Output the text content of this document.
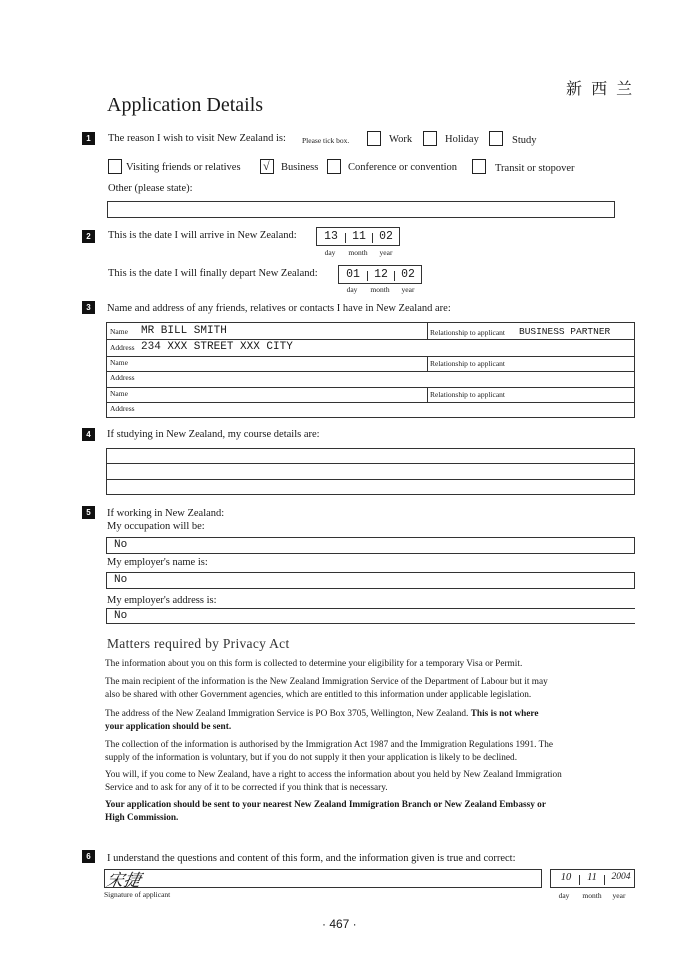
新 西 兰
Application Details
1	The reason I wish to visit New Zealand is: Please tick box.	Work	Holiday	Study
Visiting friends or relatives √ Business	Conference or convention	Transit or stopover
Other (please state):
2	This is the date I will arrive in New Zealand: 13 11 02
day	month	year
This is the date I will finally depart New Zealand: 01 12 02
day	month	year
3	Name and address of any friends, relatives or contacts I have in New Zealand are:
Name MR BILL SMITH	Relationship to applicant BUSINESS PARTNER
Address 234 XXX STREET XXX CITY
Name	Relationship to applicant
Address
Name	Relationship to applicant
Address
4	If studying in New Zealand, my course details are:
5	If working in New Zealand:
My occupation will be:
No
My employer's name is:
No
My employer's address is:
No
Matters required by Privacy Act
The information about you on this form is collected to determine your eligibility for a temporary Visa or Permit.
The main recipient of the information is the New Zealand Immigration Service of the Department of Labour but it may
also be shared with other Government agencies, which are entitled to this information under applicable legislation.
The address of the New Zealand Immigration Service is PO Box 3705, Wellington, New Zealand. This is not where
your application should be sent.
The collection of the information is authorised by the Immigration Act 1987 and the Immigration Regulations 1991. The
supply of the information is voluntary, but if you do not supply it then your application is likely to be declined.
You will, if you come to New Zealand, have a right to access the information about you held by New Zealand Immigration
Service and to ask for any of it to be corrected if you think that is necessary.
Your application should be sent to your nearest New Zealand Immigration Branch or New Zealand Embassy or
High Commission.
6	I understand the questions and content of this form, and the information given is true and correct:
宋捷
Signature of applicant
10	11	2004
day	month	year
· 467 ·
